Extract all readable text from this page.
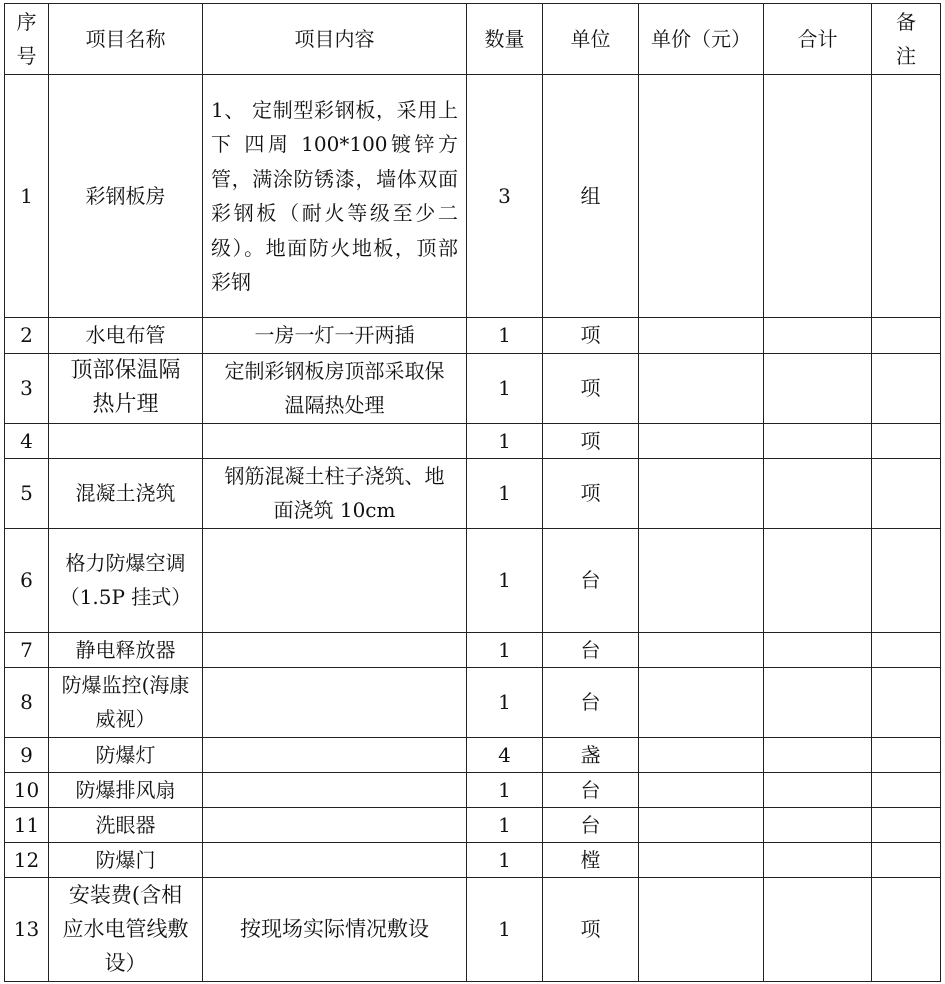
序号	项目名称	项目内容	数量	单位	单价（元）	合计	备注
1	彩钢板房	1、 定制型彩钢板，采用上 下 四周 100*100镀锌方管，满涂防锈漆，墙体双面彩钢板（耐火等级至少二级）。地面防火地板，顶部彩钢	3	组			
2	水电布管	一房一灯一开两插	1	项			
3	顶部保温隔热片理	定制彩钢板房顶部采取保温隔热处理	1	项			
4			1	项			
5	混凝土浇筑	钢筋混凝土柱子浇筑、地面浇筑 10cm	1	项			
6	格力防爆空调（1.5P 挂式）		1	台			
7	静电释放器		1	台			
8	防爆监控(海康威视）		1	台			
9	防爆灯		4	盏			
10	防爆排风扇		1	台			
11	洗眼器		1	台			
12	防爆门		1	樘			
13	安装费(含相应水电管线敷设）	按现场实际情况敷设	1	项			
